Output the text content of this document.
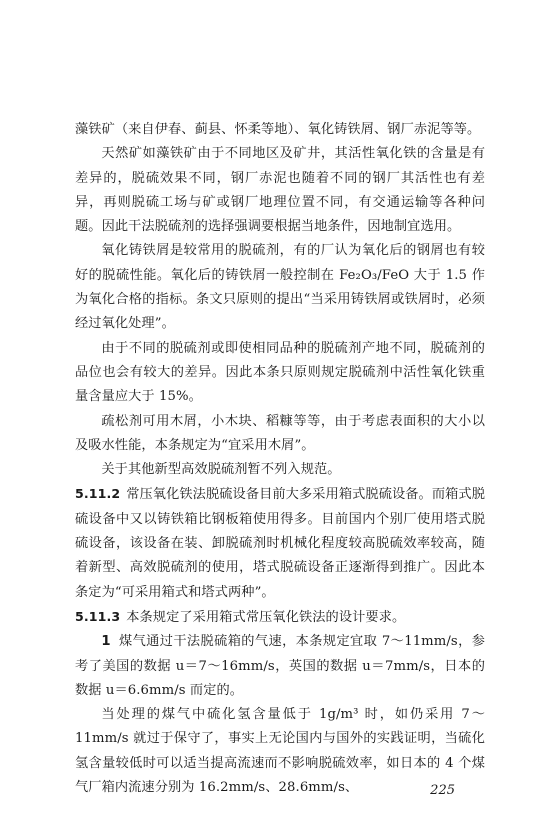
藻铁矿（来自伊春、蓟县、怀柔等地）、氧化铸铁屑、钢厂赤泥等等。

天然矿如藻铁矿由于不同地区及矿井，其活性氧化铁的含量是有差异的，脱硫效果不同，钢厂赤泥也随着不同的钢厂其活性也有差异，再则脱硫工场与矿或钢厂地理位置不同，有交通运输等各种问题。因此干法脱硫剂的选择强调要根据当地条件，因地制宜选用。

氧化铸铁屑是较常用的脱硫剂，有的厂认为氧化后的钢屑也有较好的脱硫性能。氧化后的铸铁屑一般控制在 Fe₂O₃/FeO 大于 1.5 作为氧化合格的指标。条文只原则的提出“当采用铸铁屑或铁屑时，必须经过氧化处理”。

由于不同的脱硫剂或即使相同品种的脱硫剂产地不同，脱硫剂的品位也会有较大的差异。因此本条只原则规定脱硫剂中活性氧化铁重量含量应大于 15%。

疏松剂可用木屑，小木块、稻糠等等，由于考虑表面积的大小以及吸水性能，本条规定为“宜采用木屑”。

关于其他新型高效脱硫剂暂不列入规范。

5.11.2 常压氧化铁法脱硫设备目前大多采用箱式脱硫设备。而箱式脱硫设备中又以铸铁箱比钢板箱使用得多。目前国内个别厂使用塔式脱硫设备，该设备在装、卸脱硫剂时机械化程度较高脱硫效率较高，随着新型、高效脱硫剂的使用，塔式脱硫设备正逐渐得到推广。因此本条定为“可采用箱式和塔式两种”。

5.11.3 本条规定了采用箱式常压氧化铁法的设计要求。

1 煤气通过干法脱硫箱的气速，本条规定宜取 7～11mm/s，参考了美国的数据 u＝7～16mm/s，英国的数据 u＝7mm/s，日本的数据 u＝6.6mm/s 而定的。

当处理的煤气中硫化氢含量低于 1g/m³ 时，如仍采用 7～11mm/s 就过于保守了，事实上无论国内与国外的实践证明，当硫化氢含量较低时可以适当提高流速而不影响脱硫效率，如日本的 4 个煤气厂箱内流速分别为 16.2mm/s、28.6mm/s、	225
